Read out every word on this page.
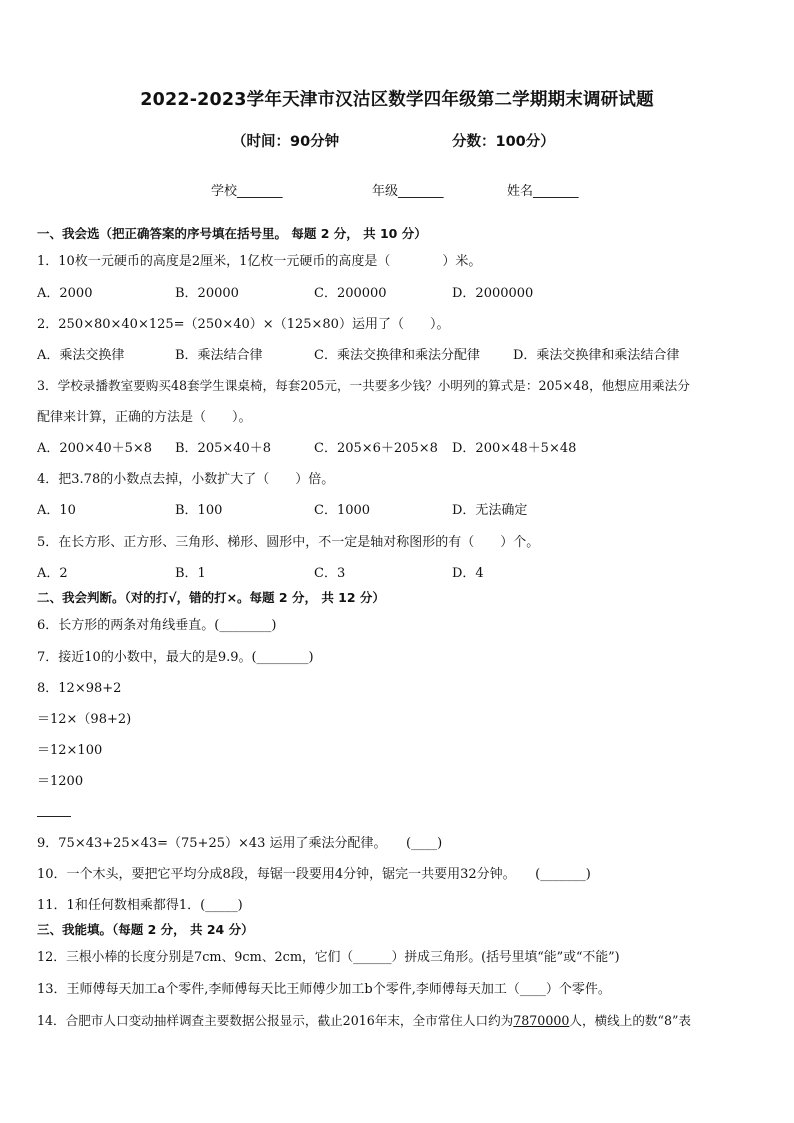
2022-2023学年天津市汉沽区数学四年级第二学期期末调研试题
（时间：90分钟	分数：100分）
学校_______	年级_______	姓名_______
一、我会选（把正确答案的序号填在括号里。 每题 2 分， 共 10 分）
1．10枚一元硬币的高度是2厘米，1亿枚一元硬币的高度是（　　　　）米。
A．2000	B．20000	C．200000	D．2000000
2．250×80×40×125=（250×40）×（125×80）运用了（　　）。
A．乘法交换律	B．乘法结合律	C．乘法交换律和乘法分配律	D．乘法交换律和乘法结合律
3．学校录播教室要购买48套学生课桌椅，每套205元，一共要多少钱？小明列的算式是：205×48，他想应用乘法分
配律来计算，正确的方法是（　　）。
A．200×40＋5×8 B．205×40＋8	C．205×6＋205×8 D．200×48＋5×48
4．把3.78的小数点去掉，小数扩大了（　　）倍。
A．10	B．100	C．1000	D．无法确定
5．在长方形、正方形、三角形、梯形、圆形中，不一定是轴对称图形的有（　　）个。
A．2	B．1	C．3	D．4
二、我会判断。（对的打√，错的打×。每题 2 分， 共 12 分）
6．长方形的两条对角线垂直。(________)
7．接近10的小数中，最大的是9.9。(________)
8．12×98+2
＝12×（98+2)
＝12×100
＝1200
9．75×43+25×43=（75+25）×43 运用了乘法分配律。　　(____)
10．一个木头，要把它平均分成8段，每锯一段要用4分钟，锯完一共要用32分钟。　　(_______)
11．1和任何数相乘都得1．(_____)
三、我能填。（每题 2 分， 共 24 分）
12．三根小棒的长度分别是7cm、9cm、2cm，它们（______）拼成三角形。(括号里填“能”或“不能”)
13．王师傅每天加工a个零件,李师傅每天比王师傅少加工b个零件,李师傅每天加工（____）个零件。
14．合肥市人口变动抽样调查主要数据公报显示，截止2016年末，全市常住人口约为7870000人，横线上的数“8”表
